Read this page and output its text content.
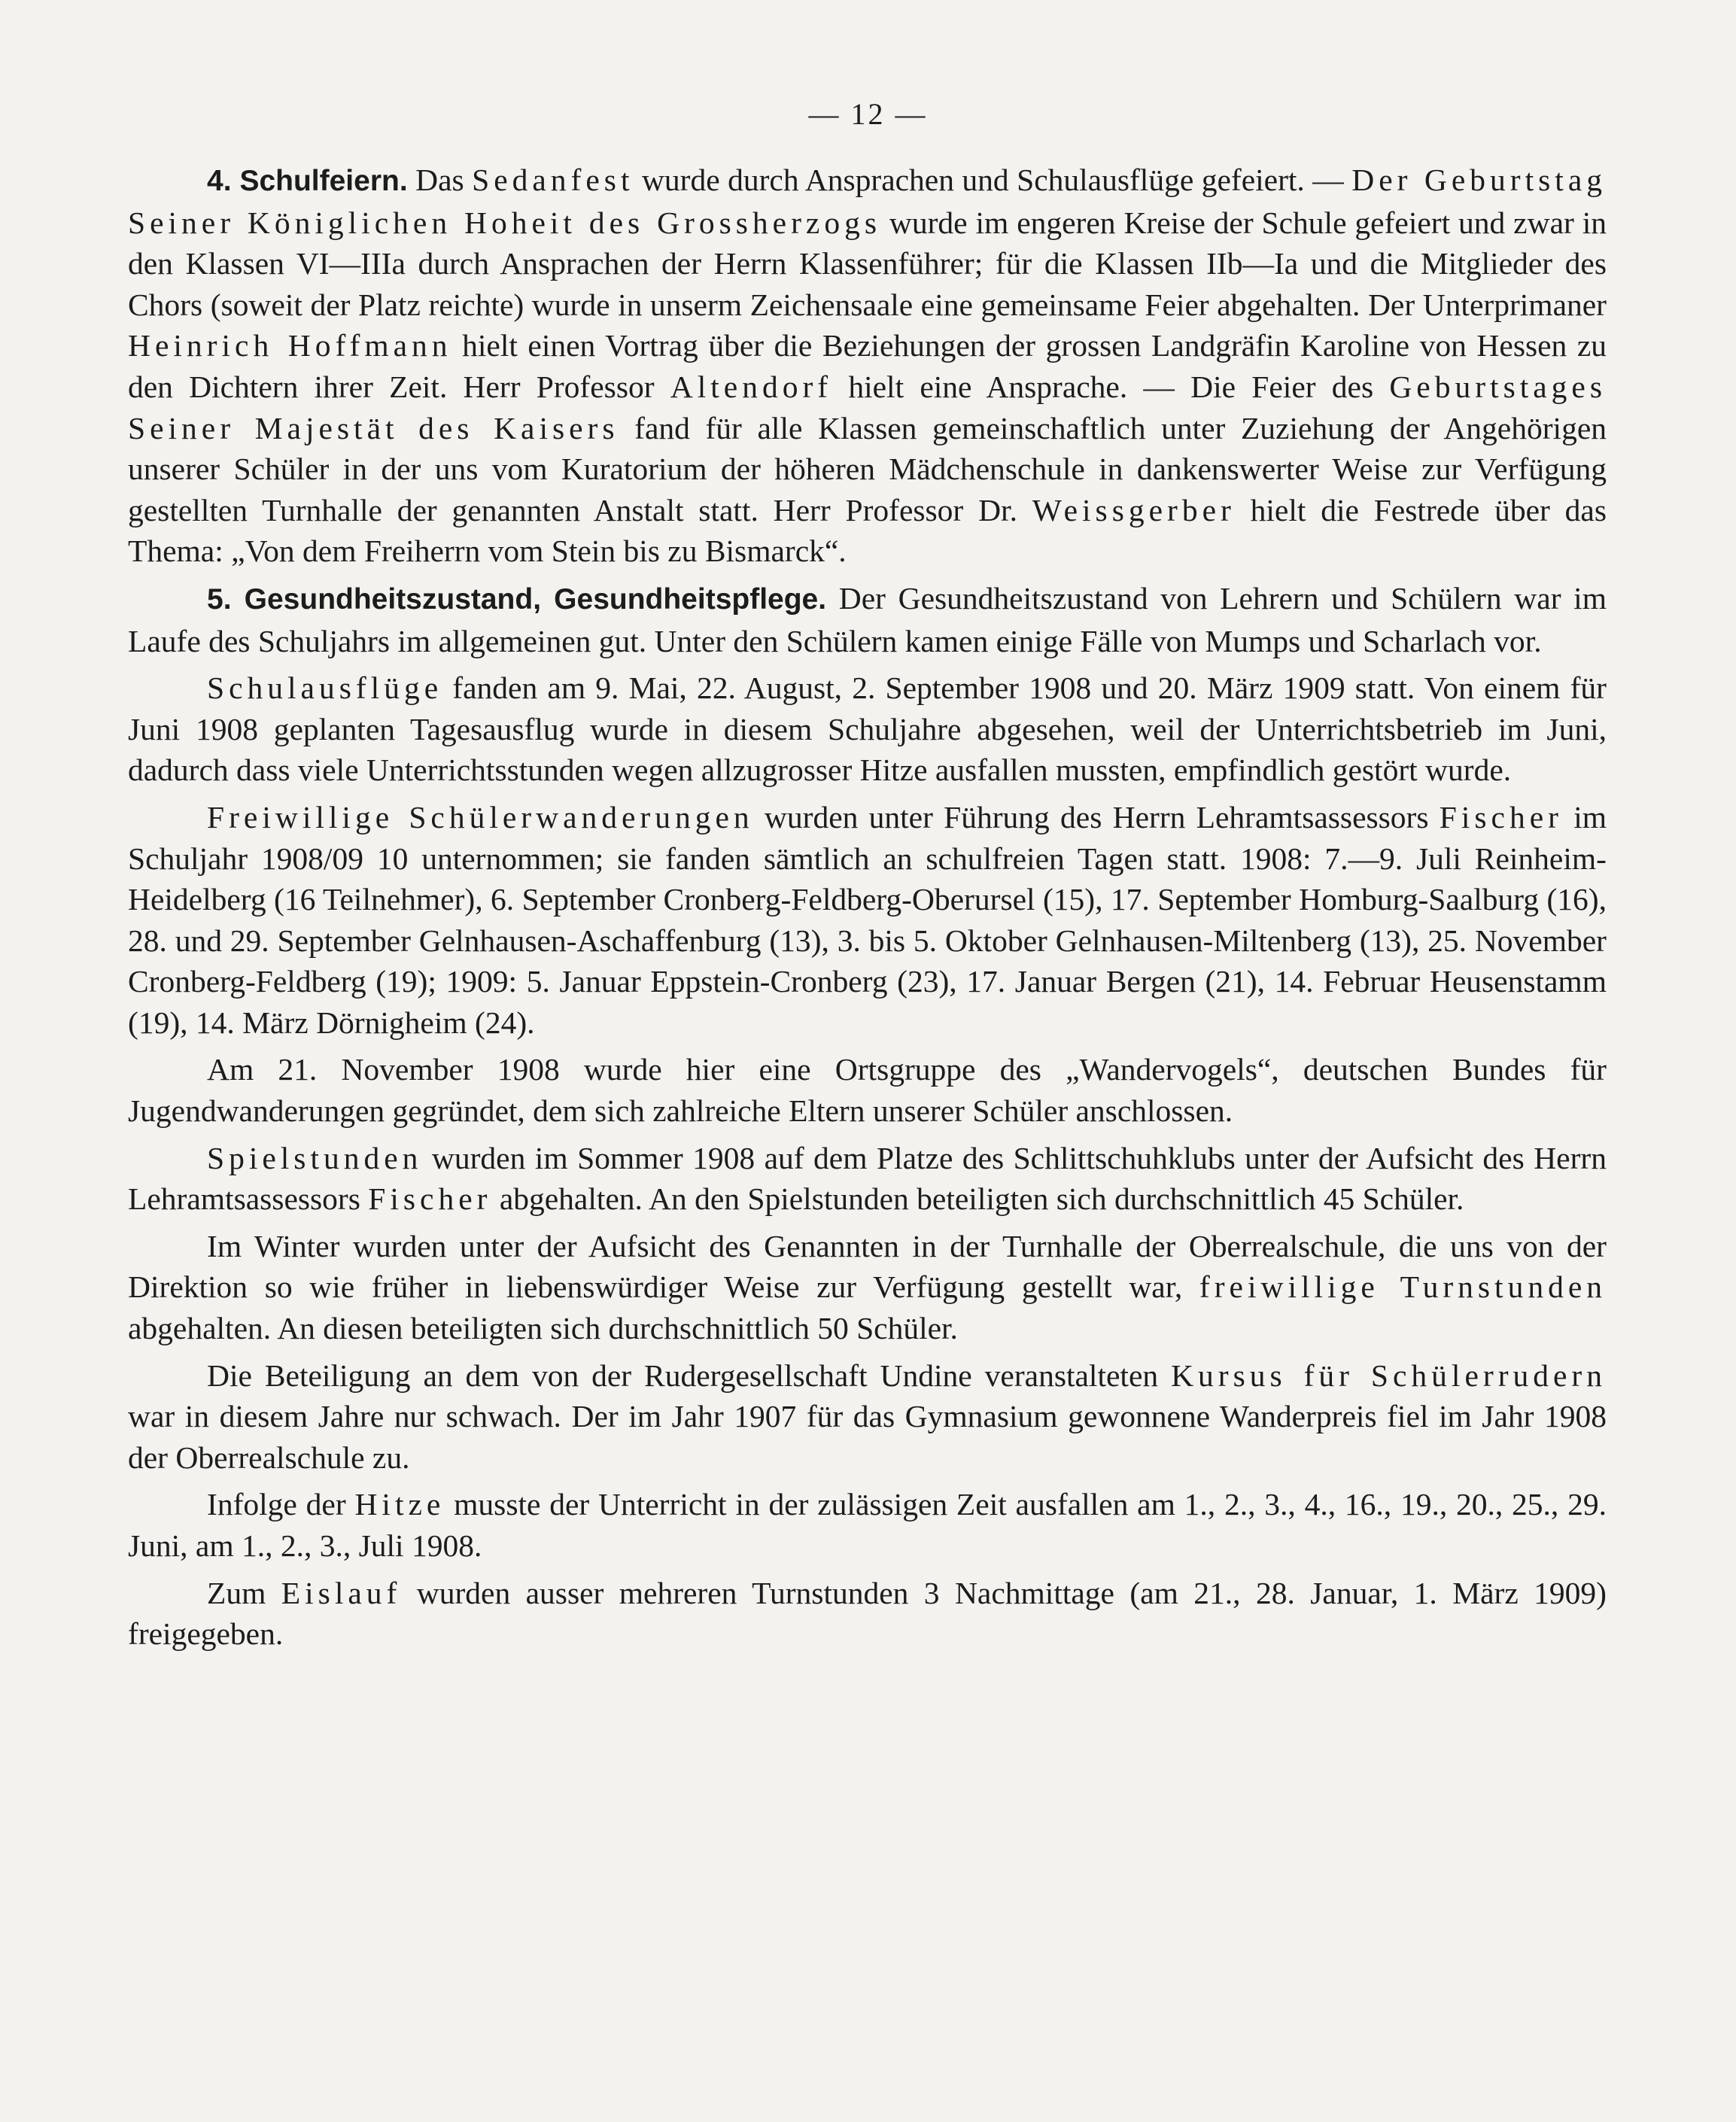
— 12 —

4. Schulfeiern. Das Sedanfest wurde durch Ansprachen und Schulausflüge gefeiert. — Der Geburtstag Seiner Königlichen Hoheit des Grossherzogs wurde im engeren Kreise der Schule gefeiert und zwar in den Klassen VI—IIIa durch Ansprachen der Herrn Klassenführer; für die Klassen IIb—Ia und die Mitglieder des Chors (soweit der Platz reichte) wurde in unserm Zeichensaale eine gemeinsame Feier abgehalten. Der Unterprimaner Heinrich Hoffmann hielt einen Vortrag über die Beziehungen der grossen Landgräfin Karoline von Hessen zu den Dichtern ihrer Zeit. Herr Professor Altendorf hielt eine Ansprache. — Die Feier des Geburtstages Seiner Majestät des Kaisers fand für alle Klassen gemeinschaftlich unter Zuziehung der Angehörigen unserer Schüler in der uns vom Kuratorium der höheren Mädchenschule in dankenswerter Weise zur Verfügung gestellten Turnhalle der genannten Anstalt statt. Herr Professor Dr. Weissgerber hielt die Festrede über das Thema: „Von dem Freiherrn vom Stein bis zu Bismarck“.

5. Gesundheitszustand, Gesundheitspflege. Der Gesundheitszustand von Lehrern und Schülern war im Laufe des Schuljahrs im allgemeinen gut. Unter den Schülern kamen einige Fälle von Mumps und Scharlach vor.

Schulausflüge fanden am 9. Mai, 22. August, 2. September 1908 und 20. März 1909 statt. Von einem für Juni 1908 geplanten Tagesausflug wurde in diesem Schuljahre abgesehen, weil der Unterrichtsbetrieb im Juni, dadurch dass viele Unterrichtsstunden wegen allzugrosser Hitze ausfallen mussten, empfindlich gestört wurde.

Freiwillige Schülerwanderungen wurden unter Führung des Herrn Lehramtsassessors Fischer im Schuljahr 1908/09 10 unternommen; sie fanden sämtlich an schulfreien Tagen statt. 1908: 7.—9. Juli Reinheim-Heidelberg (16 Teilnehmer), 6. September Cronberg-Feldberg-Oberursel (15), 17. September Homburg-Saalburg (16), 28. und 29. September Gelnhausen-Aschaffenburg (13), 3. bis 5. Oktober Gelnhausen-Miltenberg (13), 25. November Cronberg-Feldberg (19); 1909: 5. Januar Eppstein-Cronberg (23), 17. Januar Bergen (21), 14. Februar Heusenstamm (19), 14. März Dörnigheim (24).

Am 21. November 1908 wurde hier eine Ortsgruppe des „Wandervogels“, deutschen Bundes für Jugendwanderungen gegründet, dem sich zahlreiche Eltern unserer Schüler anschlossen.

Spielstunden wurden im Sommer 1908 auf dem Platze des Schlittschuhklubs unter der Aufsicht des Herrn Lehramtsassessors Fischer abgehalten. An den Spielstunden beteiligten sich durchschnittlich 45 Schüler.

Im Winter wurden unter der Aufsicht des Genannten in der Turnhalle der Oberrealschule, die uns von der Direktion so wie früher in liebenswürdiger Weise zur Verfügung gestellt war, freiwillige Turnstunden abgehalten. An diesen beteiligten sich durchschnittlich 50 Schüler.

Die Beteiligung an dem von der Rudergesellschaft Undine veranstalteten Kursus für Schülerrudern war in diesem Jahre nur schwach. Der im Jahr 1907 für das Gymnasium gewonnene Wanderpreis fiel im Jahr 1908 der Oberrealschule zu.

Infolge der Hitze musste der Unterricht in der zulässigen Zeit ausfallen am 1., 2., 3., 4., 16., 19., 20., 25., 29. Juni, am 1., 2., 3., Juli 1908.

Zum Eislauf wurden ausser mehreren Turnstunden 3 Nachmittage (am 21., 28. Januar, 1. März 1909) freigegeben.
